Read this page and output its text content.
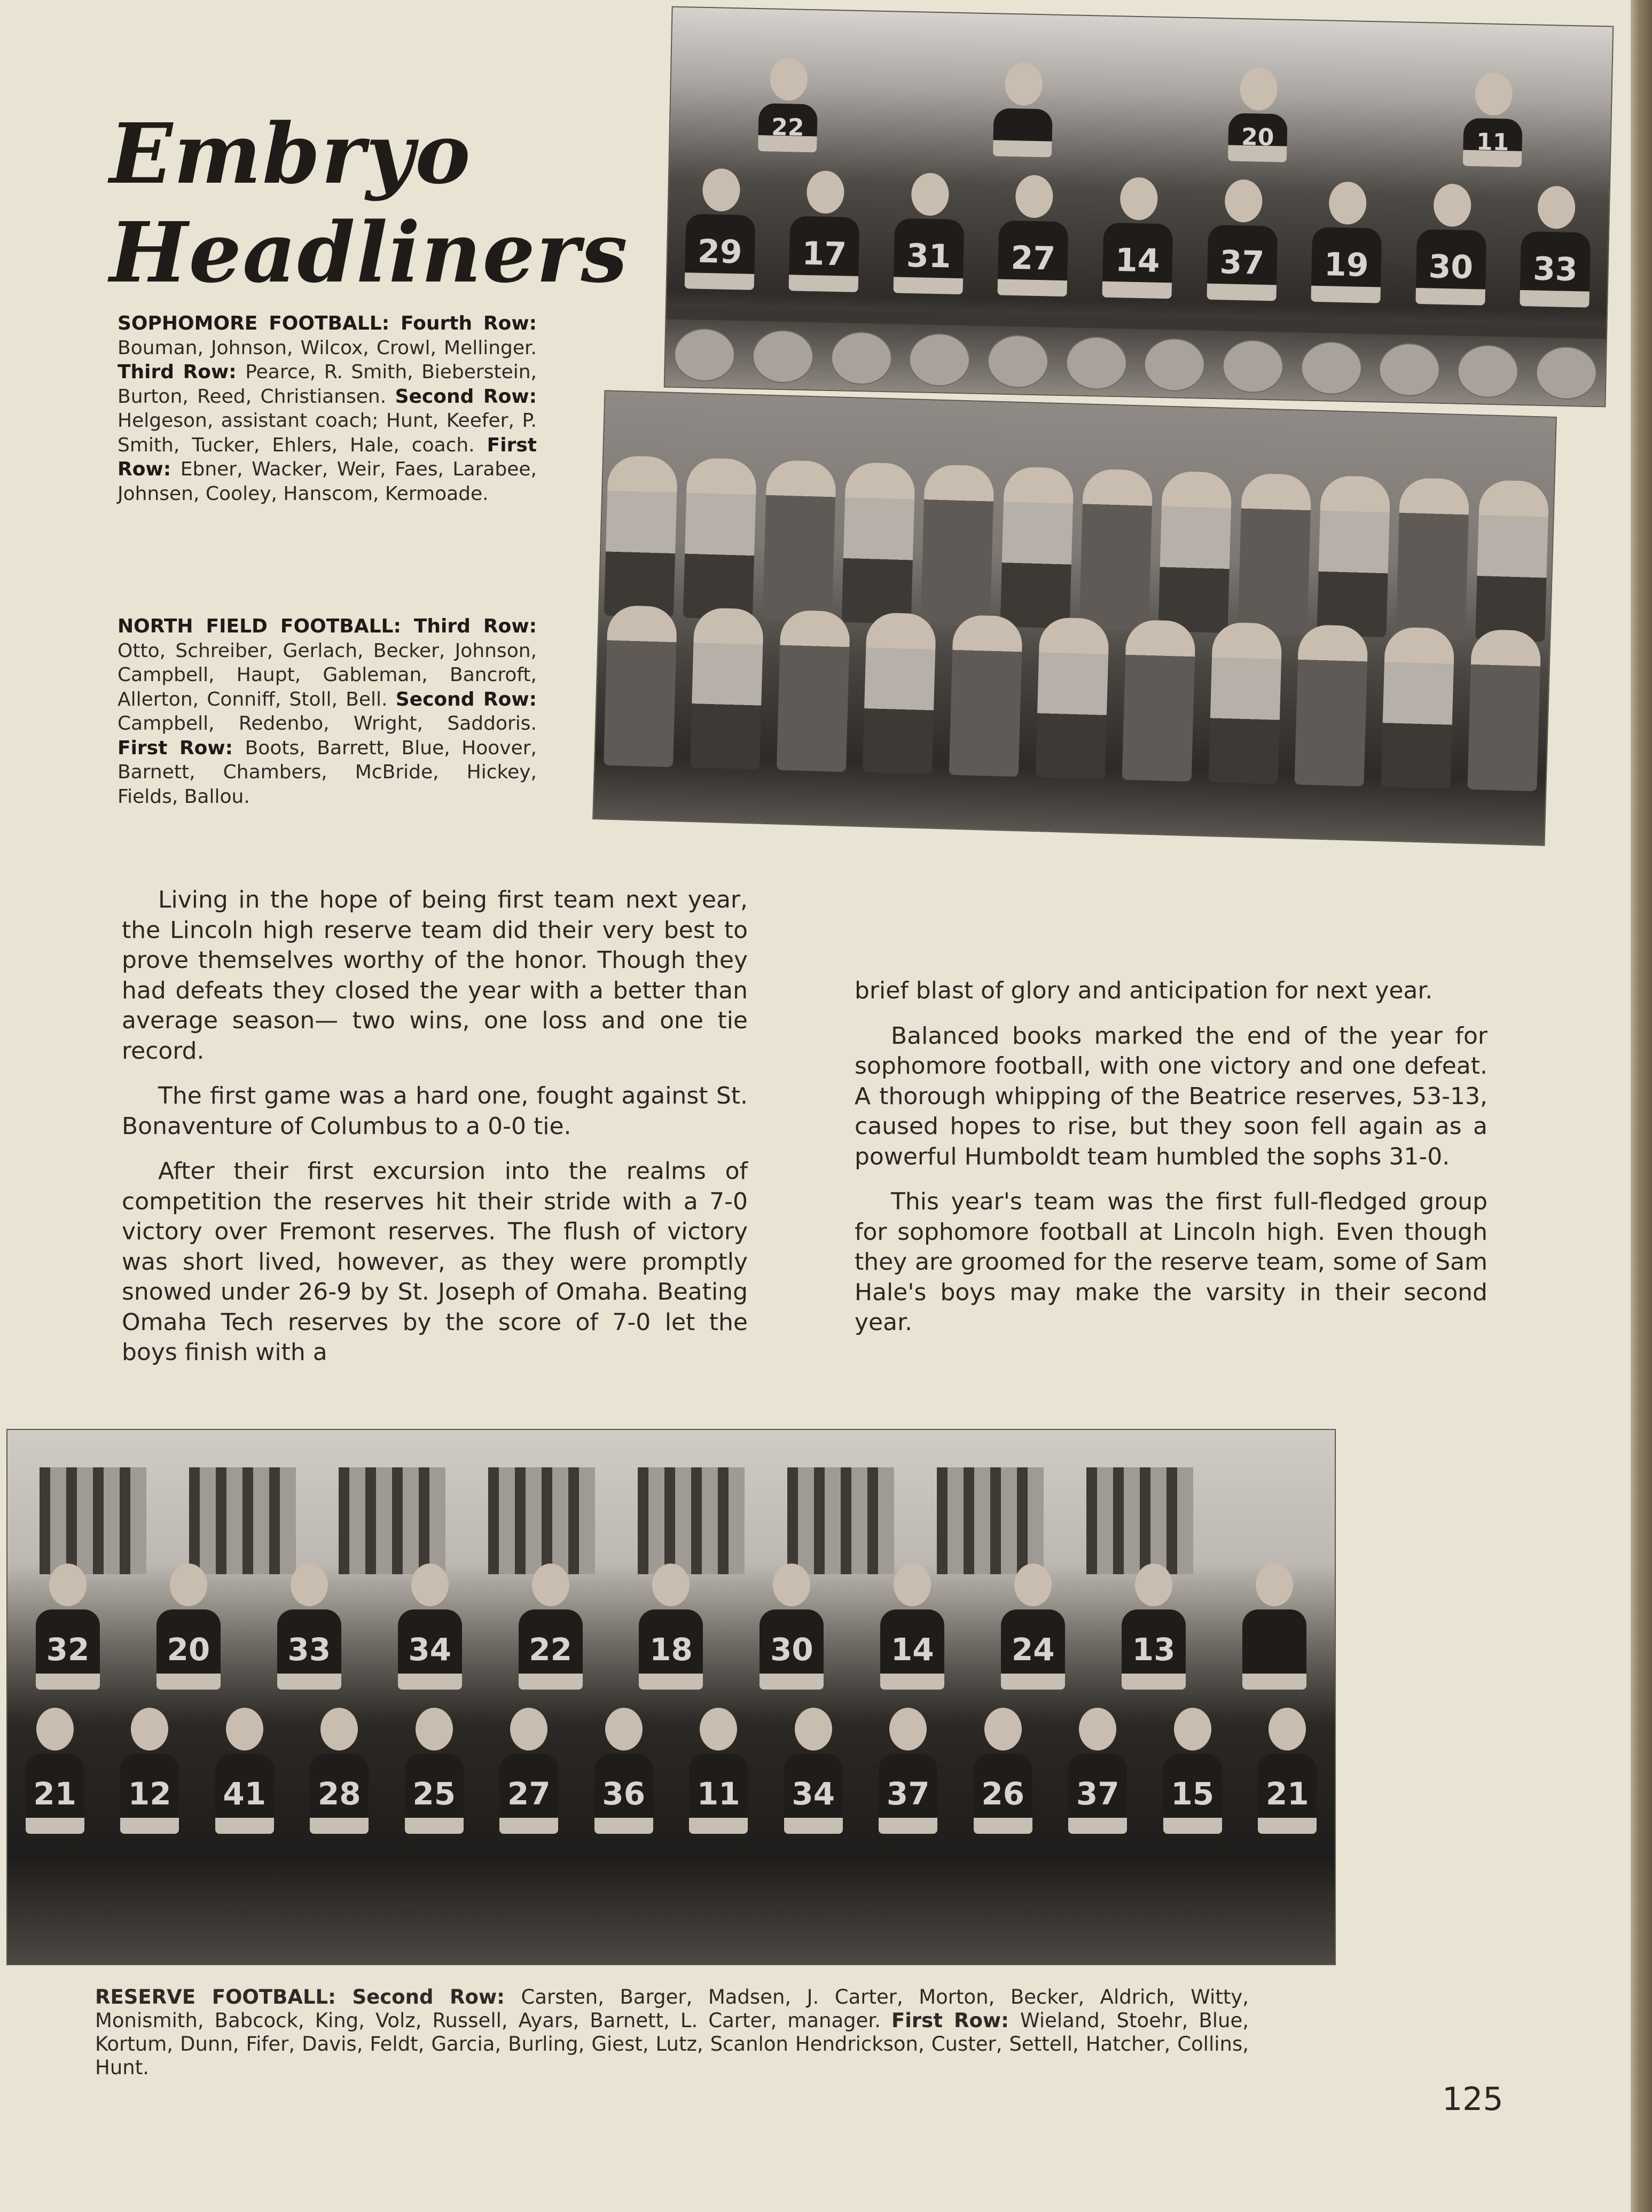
Embryo
Headliners
SOPHOMORE FOOTBALL: Fourth Row: Bouman, Johnson, Wilcox, Crowl, Mellinger. Third Row: Pearce, R. Smith, Bieberstein, Burton, Reed, Christiansen. Second Row: Helgeson, assistant coach; Hunt, Keefer, P. Smith, Tucker, Ehlers, Hale, coach. First Row: Ebner, Wacker, Weir, Faes, Larabee, Johnsen, Cooley, Hanscom, Kermoade.
NORTH FIELD FOOTBALL: Third Row: Otto, Schreiber, Gerlach, Becker, Johnson, Campbell, Haupt, Gableman, Bancroft, Allerton, Conniff, Stoll, Bell. Second Row: Campbell, Redenbo, Wright, Saddoris. First Row: Boots, Barrett, Blue, Hoover, Barnett, Chambers, McBride, Hickey, Fields, Ballou.
22	20	11
29	17	31	27	14	37	19	30	33

Living in the hope of being first team next year, the Lincoln high reserve team did their very best to prove themselves worthy of the honor. Though they had defeats they closed the year with a better than average season— two wins, one loss and one tie record.

The first game was a hard one, fought against St. Bonaventure of Columbus to a 0-0 tie.

After their first excursion into the realms of competition the reserves hit their stride with a 7-0 victory over Fremont reserves. The flush of victory was short lived, however, as they were promptly snowed under 26-9 by St. Joseph of Omaha. Beating Omaha Tech reserves by the score of 7-0 let the boys finish with a

brief blast of glory and anticipation for next year.

Balanced books marked the end of the year for sophomore football, with one victory and one defeat. A thorough whipping of the Beatrice reserves, 53-13, caused hopes to rise, but they soon fell again as a powerful Humboldt team humbled the sophs 31-0.

This year's team was the first full-fledged group for sophomore football at Lincoln high. Even though they are groomed for the reserve team, some of Sam Hale's boys may make the varsity in their second year.

32	20	33	34	22	18	30	14	24	13
21 12 41 28 25 27 36 11 34 37 26 37 15 21
RESERVE FOOTBALL: Second Row: Carsten, Barger, Madsen, J. Carter, Morton, Becker, Aldrich, Witty, Monismith, Babcock, King, Volz, Russell, Ayars, Barnett, L. Carter, manager. First Row: Wieland, Stoehr, Blue, Kortum, Dunn, Fifer, Davis, Feldt, Garcia, Burling, Giest, Lutz, Scanlon Hendrickson, Custer, Settell, Hatcher, Collins, Hunt.
125
